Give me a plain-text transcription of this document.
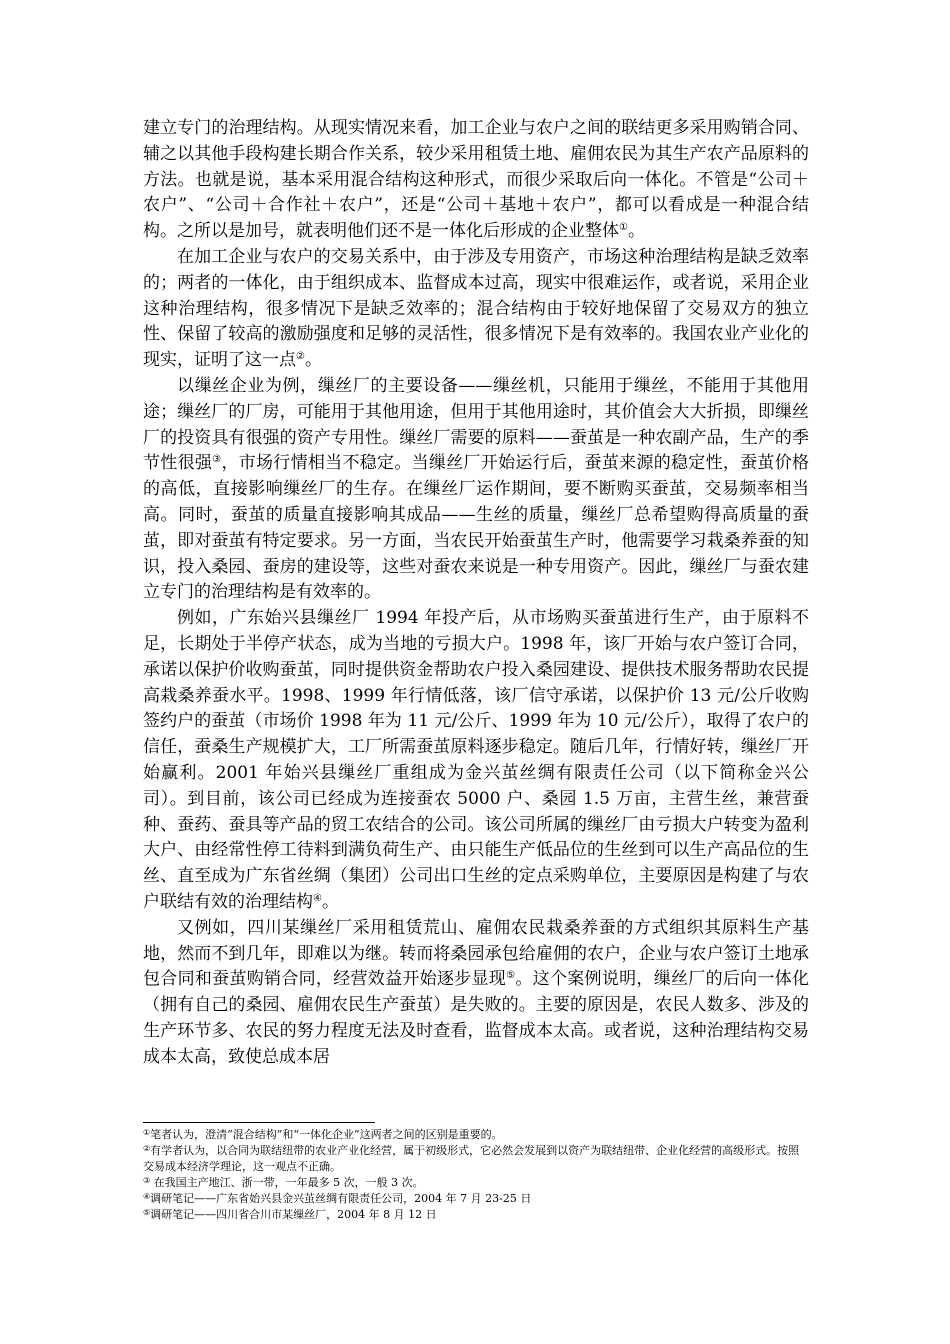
建立专门的治理结构。从现实情况来看，加工企业与农户之间的联结更多采用购销合同、辅之以其他手段构建长期合作关系，较少采用租赁土地、雇佣农民为其生产农产品原料的方法。也就是说，基本采用混合结构这种形式，而很少采取后向一体化。不管是“公司＋农户”、“公司＋合作社＋农户”，还是“公司＋基地＋农户”，都可以看成是一种混合结构。之所以是加号，就表明他们还不是一体化后形成的企业整体①。

在加工企业与农户的交易关系中，由于涉及专用资产，市场这种治理结构是缺乏效率的；两者的一体化，由于组织成本、监督成本过高，现实中很难运作，或者说，采用企业这种治理结构，很多情况下是缺乏效率的；混合结构由于较好地保留了交易双方的独立性、保留了较高的激励强度和足够的灵活性，很多情况下是有效率的。我国农业产业化的现实，证明了这一点②。

以缫丝企业为例，缫丝厂的主要设备——缫丝机，只能用于缫丝，不能用于其他用途；缫丝厂的厂房，可能用于其他用途，但用于其他用途时，其价值会大大折损，即缫丝厂的投资具有很强的资产专用性。缫丝厂需要的原料——蚕茧是一种农副产品，生产的季节性很强③，市场行情相当不稳定。当缫丝厂开始运行后，蚕茧来源的稳定性，蚕茧价格的高低，直接影响缫丝厂的生存。在缫丝厂运作期间，要不断购买蚕茧，交易频率相当高。同时，蚕茧的质量直接影响其成品——生丝的质量，缫丝厂总希望购得高质量的蚕茧，即对蚕茧有特定要求。另一方面，当农民开始蚕茧生产时，他需要学习栽桑养蚕的知识，投入桑园、蚕房的建设等，这些对蚕农来说是一种专用资产。因此，缫丝厂与蚕农建立专门的治理结构是有效率的。

例如，广东始兴县缫丝厂 1994 年投产后，从市场购买蚕茧进行生产，由于原料不足，长期处于半停产状态，成为当地的亏损大户。1998 年，该厂开始与农户签订合同，承诺以保护价收购蚕茧，同时提供资金帮助农户投入桑园建设、提供技术服务帮助农民提高栽桑养蚕水平。1998、1999 年行情低落，该厂信守承诺，以保护价 13 元/公斤收购签约户的蚕茧（市场价 1998 年为 11 元/公斤、1999 年为 10 元/公斤），取得了农户的信任，蚕桑生产规模扩大，工厂所需蚕茧原料逐步稳定。随后几年，行情好转，缫丝厂开始赢利。2001 年始兴县缫丝厂重组成为金兴茧丝绸有限责任公司（以下简称金兴公司）。到目前，该公司已经成为连接蚕农 5000 户、桑园 1.5 万亩，主营生丝，兼营蚕种、蚕药、蚕具等产品的贸工农结合的公司。该公司所属的缫丝厂由亏损大户转变为盈利大户、由经常性停工待料到满负荷生产、由只能生产低品位的生丝到可以生产高品位的生丝、直至成为广东省丝绸（集团）公司出口生丝的定点采购单位，主要原因是构建了与农户联结有效的治理结构④。

又例如，四川某缫丝厂采用租赁荒山、雇佣农民栽桑养蚕的方式组织其原料生产基地，然而不到几年，即难以为继。转而将桑园承包给雇佣的农户，企业与农户签订土地承包合同和蚕茧购销合同，经营效益开始逐步显现⑤。这个案例说明，缫丝厂的后向一体化（拥有自己的桑园、雇佣农民生产蚕茧）是失败的。主要的原因是，农民人数多、涉及的生产环节多、农民的努力程度无法及时查看，监督成本太高。或者说，这种治理结构交易成本太高，致使总成本居

①笔者认为，澄清“混合结构”和“一体化企业”这两者之间的区别是重要的。

②有学者认为，以合同为联结纽带的农业产业化经营，属于初级形式，它必然会发展到以资产为联结纽带、企业化经营的高级形式。按照交易成本经济学理论，这一观点不正确。

③ 在我国主产地江、浙一带，一年最多 5 次，一般 3 次。

④调研笔记——广东省始兴县金兴茧丝绸有限责任公司，2004 年 7 月 23-25 日

⑤调研笔记——四川省合川市某缫丝厂，2004 年 8 月 12 日
